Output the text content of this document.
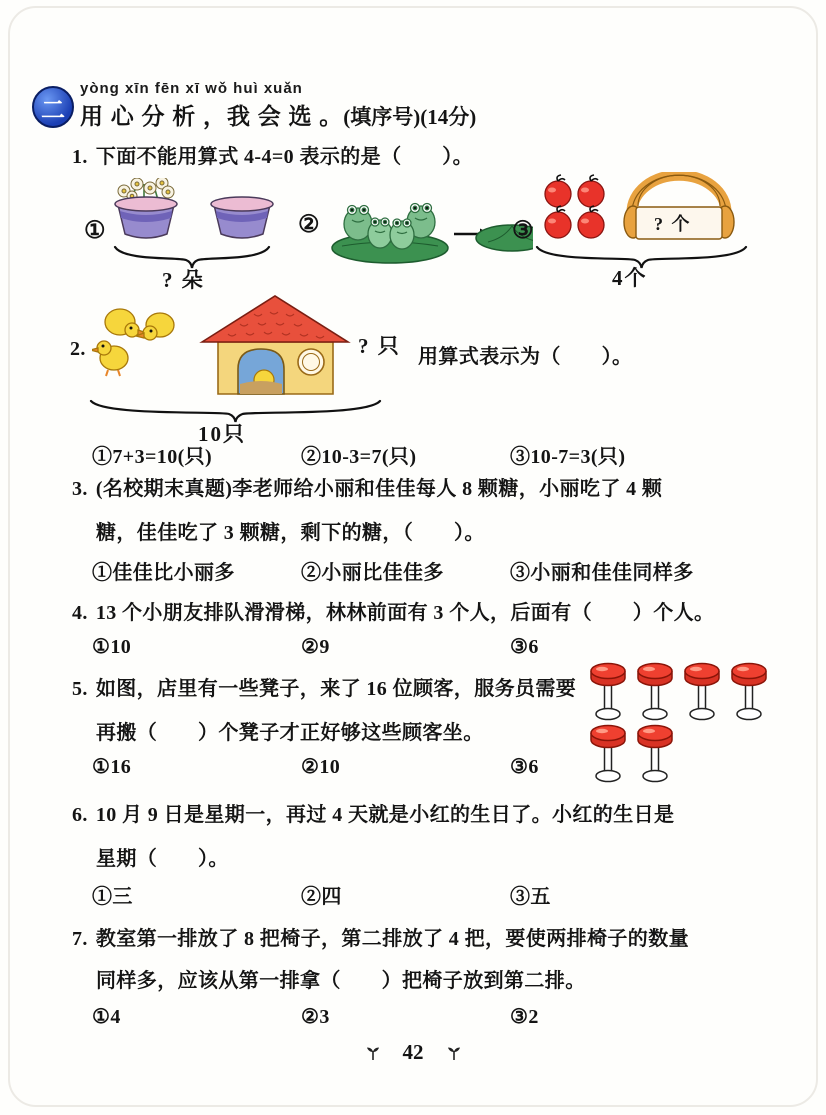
二
yòng xīn fēn xī wǒ huì xuǎn
用 心 分 析 ，我 会 选 。(填序号)(14分)
1. 下面不能用算式 4-4=0 表示的是（　　）。
①
? 朵
②	③	? 个
4个
2.	? 只 用算式表示为（　　）。
10只
①7+3=10(只)	②10-3=7(只)	③10-7=3(只)
3. (名校期末真题)李老师给小丽和佳佳每人 8 颗糖，小丽吃了 4 颗
糖，佳佳吃了 3 颗糖，剩下的糖，（　　）。
①佳佳比小丽多	②小丽比佳佳多	③小丽和佳佳同样多
4. 13 个小朋友排队滑滑梯，林林前面有 3 个人，后面有（　　）个人。
①10	②9	③6
5. 如图，店里有一些凳子，来了 16 位顾客，服务员需要
再搬（　　）个凳子才正好够这些顾客坐。
①16	②10	③6
6. 10 月 9 日是星期一，再过 4 天就是小红的生日了。小红的生日是
星期（　　）。
①三	②四	③五
7. 教室第一排放了 8 把椅子，第二排放了 4 把，要使两排椅子的数量
同样多，应该从第一排拿（　　）把椅子放到第二排。
①4	②3	③2
42
